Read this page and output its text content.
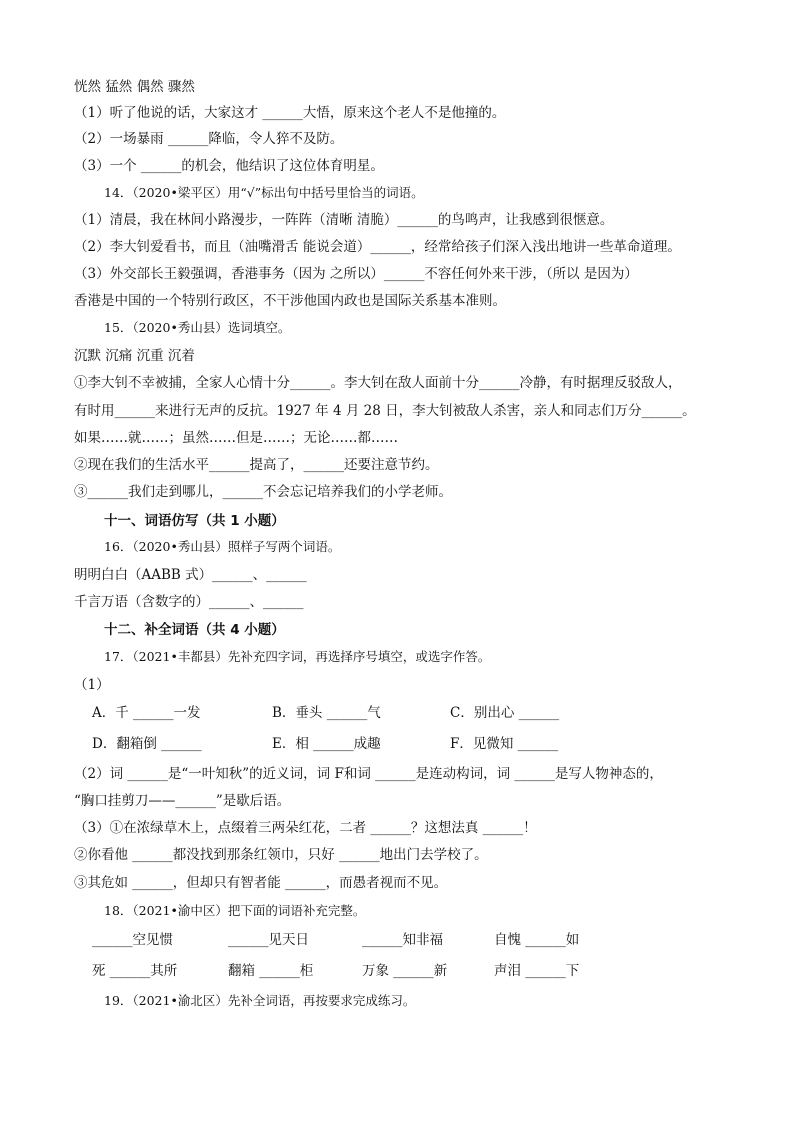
恍然 猛然 偶然 骤然
（1）听了他说的话，大家这才 ______大悟，原来这个老人不是他撞的。
（2）一场暴雨 ______降临，令人猝不及防。
（3）一个 ______的机会，他结识了这位体育明星。
14．（2020•梁平区）用“√”标出句中括号里恰当的词语。
（1）清晨，我在林间小路漫步，一阵阵（清晰 清脆）______的鸟鸣声，让我感到很惬意。
（2）李大钊爱看书，而且（油嘴滑舌 能说会道）______，经常给孩子们深入浅出地讲一些革命道理。
（3）外交部长王毅强调，香港事务（因为 之所以）______不容任何外来干涉，（所以 是因为）
香港是中国的一个特别行政区，不干涉他国内政也是国际关系基本准则。
15．（2020•秀山县）选词填空。
沉默 沉痛 沉重 沉着
①李大钊不幸被捕，全家人心情十分______。李大钊在敌人面前十分______冷静，有时据理反驳敌人，
有时用______来进行无声的反抗。1927 年 4 月 28 日，李大钊被敌人杀害，亲人和同志们万分______。
如果……就……；虽然……但是……；无论……都……
②现在我们的生活水平______提高了，______还要注意节约。
③______我们走到哪儿，______不会忘记培养我们的小学老师。
十一、词语仿写（共 1 小题）
16．（2020•秀山县）照样子写两个词语。
明明白白（AABB 式）______、______
千言万语（含数字的）______、______
十二、补全词语（共 4 小题）
17．（2021•丰都县）先补充四字词，再选择序号填空，或选字作答。
（1）
A．千 ______一发	B．垂头 ______气	C．别出心 ______
D．翻箱倒 ______	E．相 ______成趣	F．见微知 ______
（2）词 ______是“一叶知秋”的近义词，词 F和词 ______是连动构词，词 ______是写人物神态的，
“胸口挂剪刀——______”是歇后语。
（3）①在浓绿草木上，点缀着三两朵红花，二者 ______？这想法真 ______！
②你看他 ______都没找到那条红领巾，只好 ______地出门去学校了。
③其危如 ______，但却只有智者能 ______，而愚者视而不见。
18．（2021•渝中区）把下面的词语补充完整。
______空见惯	______见天日	______知非福	自愧 ______如
死 ______其所	翻箱 ______柜	万象 ______新	声泪 ______下
19．（2021•渝北区）先补全词语，再按要求完成练习。
